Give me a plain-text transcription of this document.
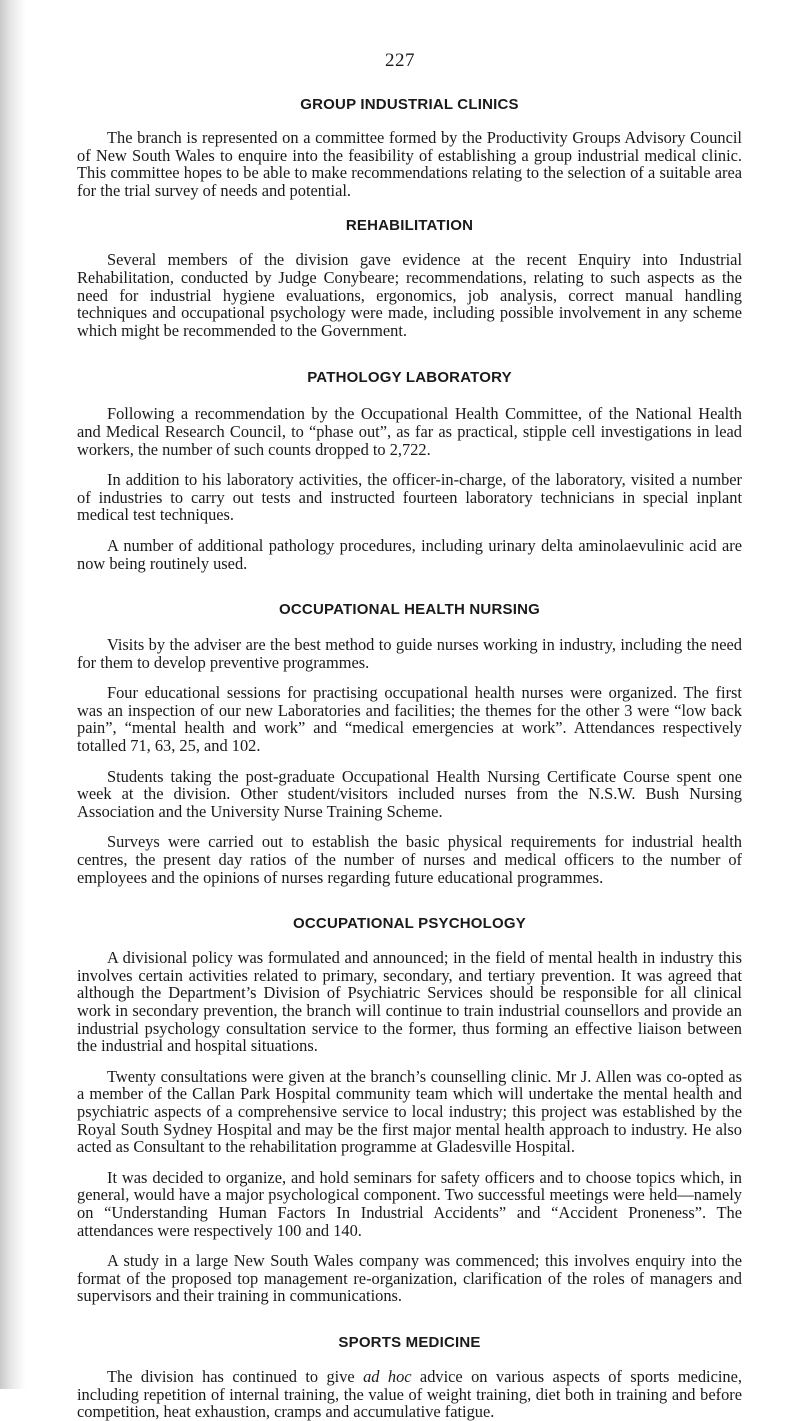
227
GROUP INDUSTRIAL CLINICS

The branch is represented on a committee formed by the Productivity Groups Advisory Council of New South Wales to enquire into the feasibility of establishing a group industrial medical clinic. This committee hopes to be able to make recommendations relating to the selection of a suitable area for the trial survey of needs and potential.

REHABILITATION

Several members of the division gave evidence at the recent Enquiry into Industrial Rehabilitation, conducted by Judge Conybeare; recommendations, relating to such aspects as the need for industrial hygiene evaluations, ergonomics, job analysis, correct manual handling techniques and occupational psychology were made, including possible involvement in any scheme which might be recommended to the Government.

PATHOLOGY LABORATORY

Following a recommendation by the Occupational Health Committee, of the National Health and Medical Research Council, to “phase out”, as far as practical, stipple cell investigations in lead workers, the number of such counts dropped to 2,722.

In addition to his laboratory activities, the officer-in-charge, of the laboratory, visited a number of industries to carry out tests and instructed fourteen laboratory technicians in special inplant medical test techniques.

A number of additional pathology procedures, including urinary delta aminolaevulinic acid are now being routinely used.

OCCUPATIONAL HEALTH NURSING

Visits by the adviser are the best method to guide nurses working in industry, including the need for them to develop preventive programmes.

Four educational sessions for practising occupational health nurses were organized. The first was an inspection of our new Laboratories and facilities; the themes for the other 3 were “low back pain”, “mental health and work” and “medical emergencies at work”. Attendances respectively totalled 71, 63, 25, and 102.

Students taking the post-graduate Occupational Health Nursing Certificate Course spent one week at the division. Other student/visitors included nurses from the N.S.W. Bush Nursing Association and the University Nurse Training Scheme.

Surveys were carried out to establish the basic physical requirements for industrial health centres, the present day ratios of the number of nurses and medical officers to the number of employees and the opinions of nurses regarding future educational programmes.

OCCUPATIONAL PSYCHOLOGY

A divisional policy was formulated and announced; in the field of mental health in industry this involves certain activities related to primary, secondary, and tertiary prevention. It was agreed that although the Department’s Division of Psychiatric Services should be responsible for all clinical work in secondary prevention, the branch will continue to train industrial counsellors and provide an industrial psychology consultation service to the former, thus forming an effective liaison between the industrial and hospital situations.

Twenty consultations were given at the branch’s counselling clinic. Mr J. Allen was co-opted as a member of the Callan Park Hospital community team which will undertake the mental health and psychiatric aspects of a comprehensive service to local industry; this project was established by the Royal South Sydney Hospital and may be the first major mental health approach to industry. He also acted as Consultant to the rehabilitation programme at Gladesville Hospital.

It was decided to organize, and hold seminars for safety officers and to choose topics which, in general, would have a major psychological component. Two successful meetings were held—namely on “Understanding Human Factors In Industrial Accidents” and “Accident Proneness”. The attendances were respectively 100 and 140.

A study in a large New South Wales company was commenced; this involves enquiry into the format of the proposed top management re-organization, clarification of the roles of managers and supervisors and their training in communications.

SPORTS MEDICINE

The division has continued to give ad hoc advice on various aspects of sports medicine, including repetition of internal training, the value of weight training, diet both in training and before competition, heat exhaustion, cramps and accumulative fatigue.
